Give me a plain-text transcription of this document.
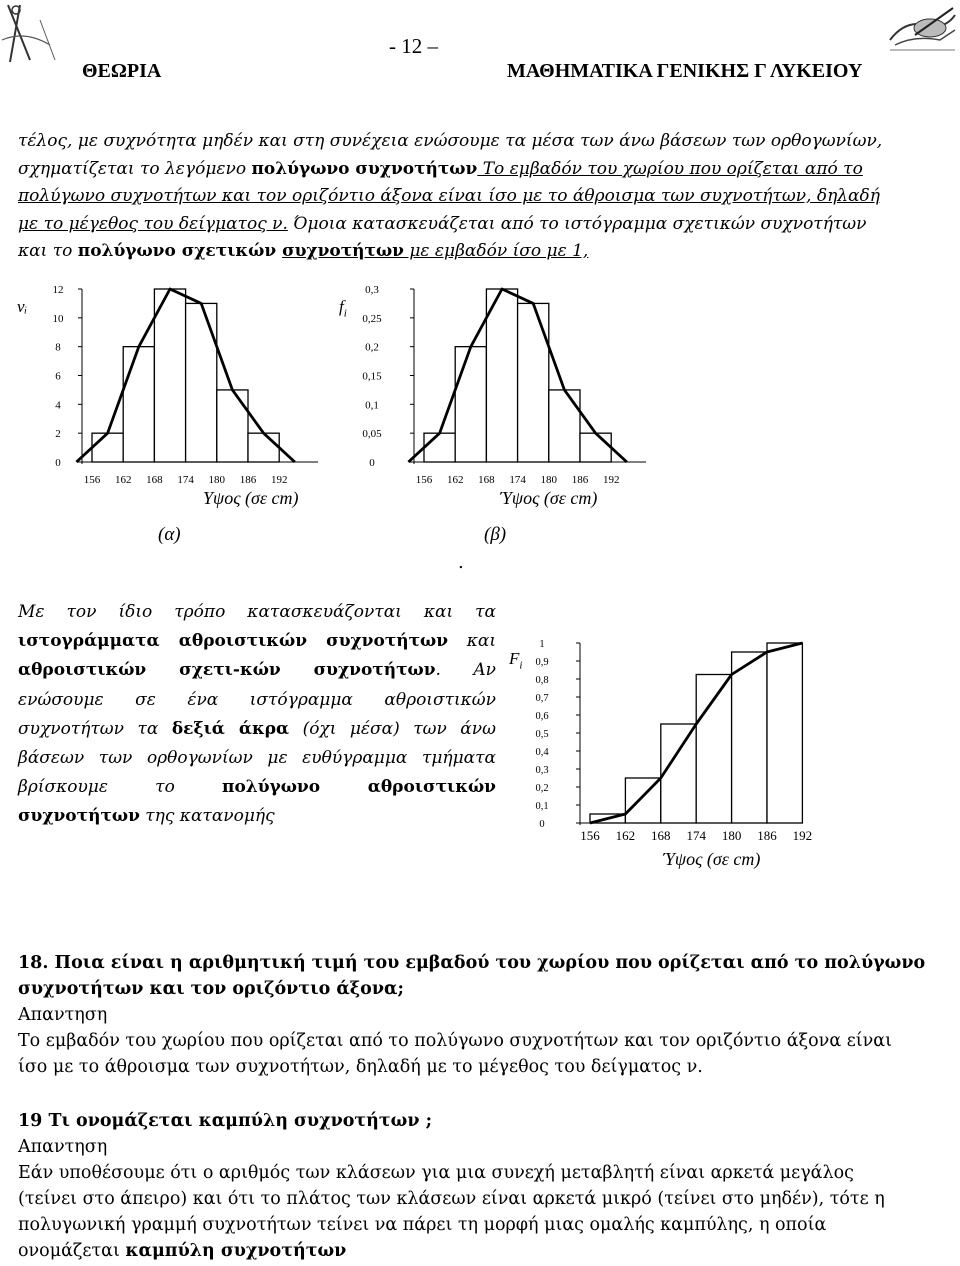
- 12 –
ΘΕΩΡΙΑ	ΜΑΘΗΜΑΤΙΚΑ ΓΕΝΙΚΗΣ Γ ΛΥΚΕΙΟΥ
τέλος, με συχνότητα μηδέν και στη συνέχεια ενώσουμε τα μέσα των άνω βάσεων των ορθογωνίων,
σχηματίζεται το λεγόμενο πολύγωνο συχνοτήτων Το εμβαδόν του χωρίου που ορίζεται από το
πολύγωνο συχνοτήτων και τον οριζόντιο άξονα είναι ίσο με το άθροισμα των συχνοτήτων, δηλαδή
με το μέγεθος του δείγματος ν. Όμοια κατασκευάζεται από το ιστόγραμμα σχετικών συχνοτήτων
και το πολύγωνο σχετικών συχνοτήτων με εμβαδόν ίσο με 1,
0
2
4
6
8
10
12
156 162 168 174 180 186 192
0
0,05
0,1
0,15
0,2
0,25
0,3
156 162 168 174 180 186 192
Υψος (σε cm)	Ύψος (σε cm)
νᵢ	$f_i$
(α)	(β)
.
Με τον ίδιο τρόπο κατασκευάζονται και τα
ιστογράμματα αθροιστικών συχνοτήτων και
αθροιστικών σχετι-κών συχνοτήτων. Αν
ενώσουμε σε ένα ιστόγραμμα αθροιστικών
συχνοτήτων τα δεξιά άκρα (όχι μέσα) των άνω
βάσεων των ορθογωνίων με ευθύγραμμα τμήματα
βρίσκουμε το πολύγωνο αθροιστικών
συχνοτήτων της κατανομής	0
0,1
0,2
0,3
0,4
0,5
0,6
0,7
0,8
0,9
1
156 162 168 174 180 186 192
$F_i$
Ύψος (σε cm)
18. Ποια είναι η αριθμητική τιμή του εμβαδού του χωρίου που ορίζεται από το πολύγωνο
συχνοτήτων και τον οριζόντιο άξονα;
Απαντηση
Το εμβαδόν του χωρίου που ορίζεται από το πολύγωνο συχνοτήτων και τον οριζόντιο άξονα είναι
ίσο με το άθροισμα των συχνοτήτων, δηλαδή με το μέγεθος του δείγματος ν.
19 Τι ονομάζεται καμπύλη συχνοτήτων ;
Απαντηση
Εάν υποθέσουμε ότι ο αριθμός των κλάσεων για μια συνεχή μεταβλητή είναι αρκετά μεγάλος
(τείνει στο άπειρο) και ότι το πλάτος των κλάσεων είναι αρκετά μικρό (τείνει στο μηδέν), τότε η
πολυγωνική γραμμή συχνοτήτων τείνει να πάρει τη μορφή μιας ομαλής καμπύλης, η οποία
ονομάζεται καμπύλη συχνοτήτων
